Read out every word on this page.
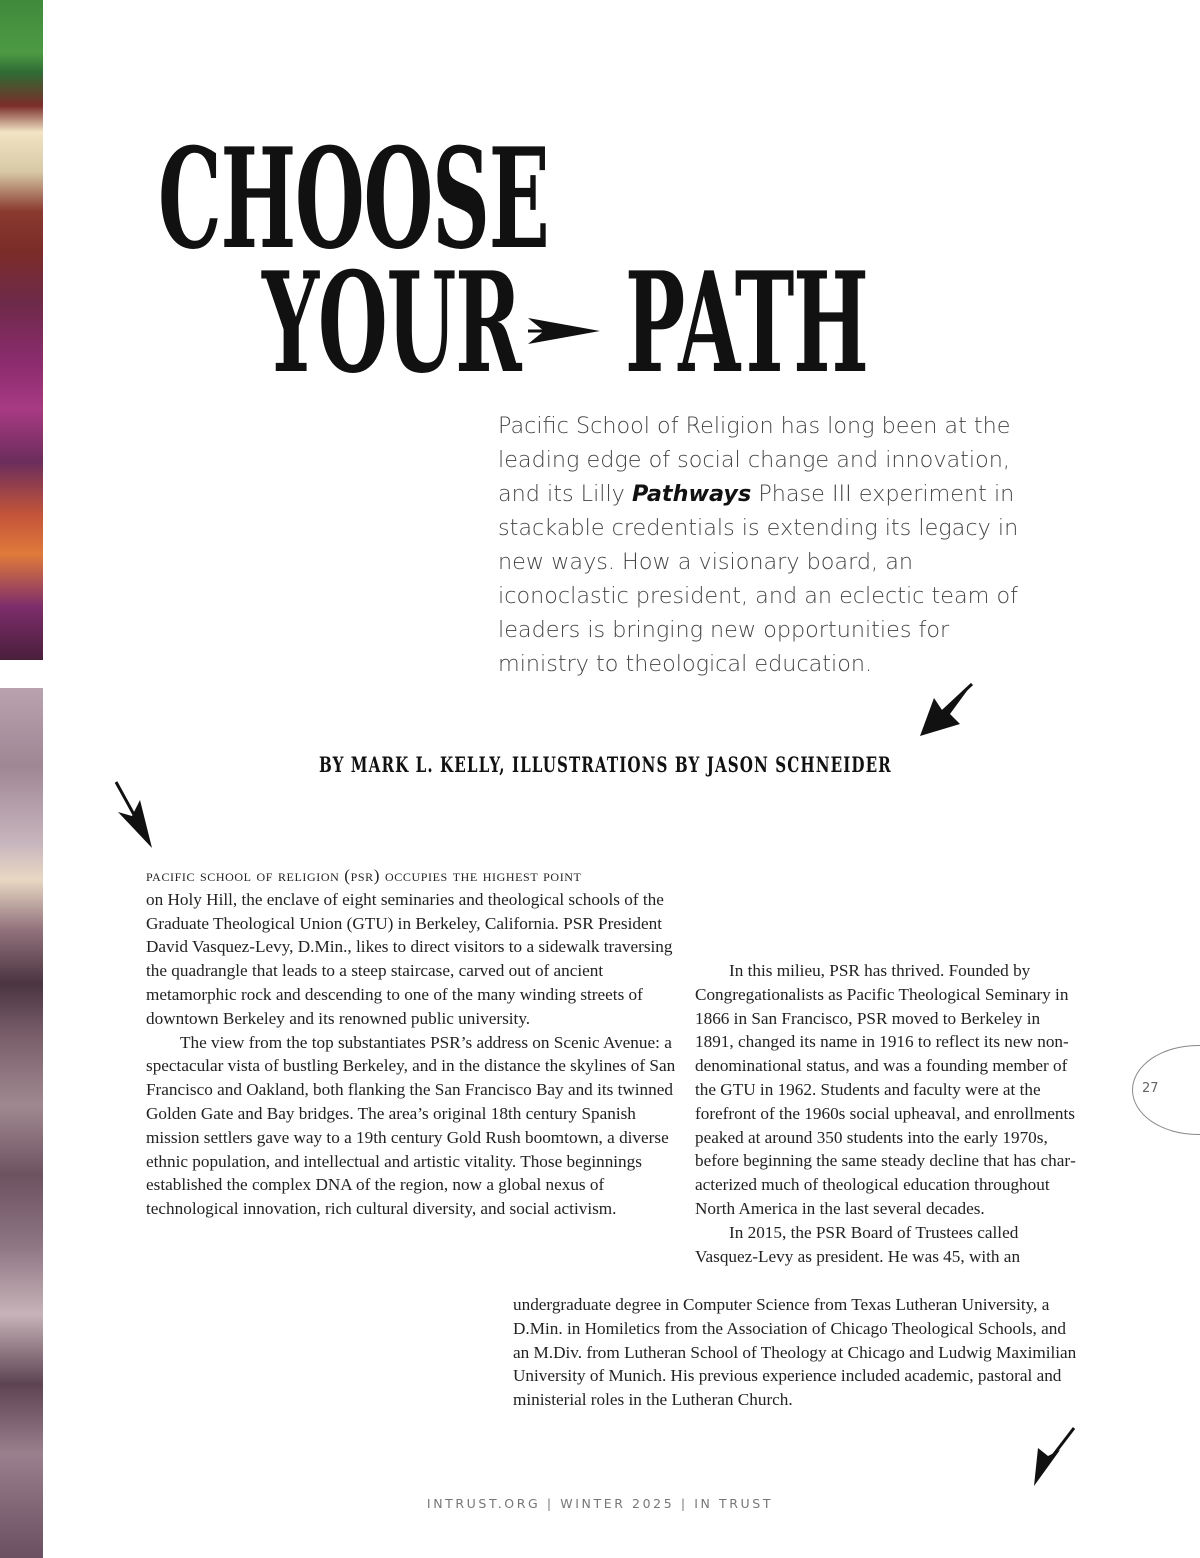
CHOOSE
YOUR PATH

Pacific School of Religion has long been at the leading edge of social change and innovation, and its Lilly Pathways Phase III experiment in stackable credentials is extending its legacy in new ways. How a visionary board, an iconoclastic president, and an eclectic team of leaders is bringing new opportunities for ministry to theological education.

BY MARK L. KELLY, ILLUSTRATIONS BY JASON SCHNEIDER

pacific school of religion (psr) occupies the highest point
on Holy Hill, the enclave of eight seminaries and theological schools of the Graduate Theological Union (GTU) in Berkeley, California. PSR President David Vasquez-Levy, D.Min., likes to direct visitors to a sidewalk traversing the quadrangle that leads to a steep staircase, carved out of ancient metamorphic rock and descending to one of the many winding streets of downtown Berkeley and its renowned public university.

The view from the top substantiates PSR’s address on Scenic Avenue: a spectacular vista of bustling Berkeley, and in the distance the skylines of San Francisco and Oakland, both flanking the San Francisco Bay and its twinned Golden Gate and Bay bridges. The area’s original 18th century Spanish mission settlers gave way to a 19th century Gold Rush boomtown, a diverse ethnic population, and intellectual and artistic vitality. Those beginnings established the complex DNA of the region, now a global nexus of technological innovation, rich cultural diversity, and social activism.

In this milieu, PSR has thrived. Founded by Congregationalists as Pacific Theological Seminary in 1866 in San Francisco, PSR moved to Berkeley in 1891, changed its name in 1916 to reflect its new non-denominational status, and was a founding member of the GTU in 1962. Students and faculty were at the forefront of the 1960s social upheaval, and enrollments peaked at around 350 students into the early 1970s, before beginning the same steady decline that has characterized much of theological education throughout North America in the last several decades.

In 2015, the PSR Board of Trustees called Vasquez-Levy as president. He was 45, with an

undergraduate degree in Computer Science from Texas Lutheran University, a D.Min. in Homiletics from the Association of Chicago Theological Schools, and an M.Div. from Lutheran School of Theology at Chicago and Ludwig Maximilian University of Munich. His previous experience included academic, pastoral and ministerial roles in the Lutheran Church.

27

INTRUST.ORG | WINTER 2025 | IN TRUST
